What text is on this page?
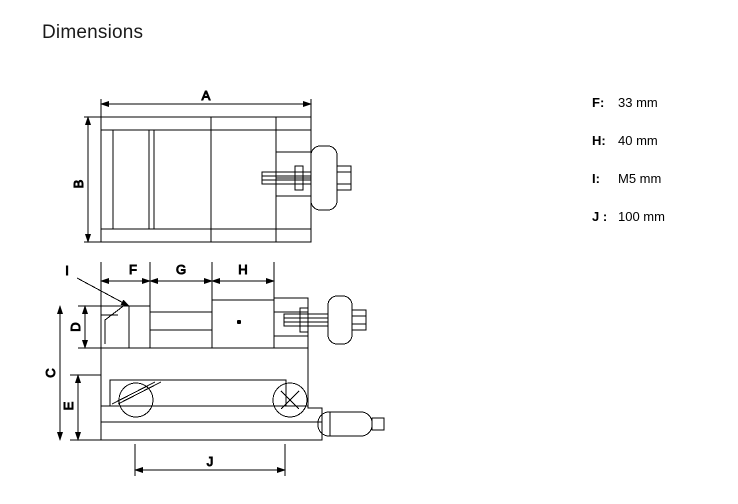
Dimensions
F:	33 mm
H: 40 mm
I:	M5 mm
J : 100 mm
A
B
I	F	G	H
D
E
C
J
